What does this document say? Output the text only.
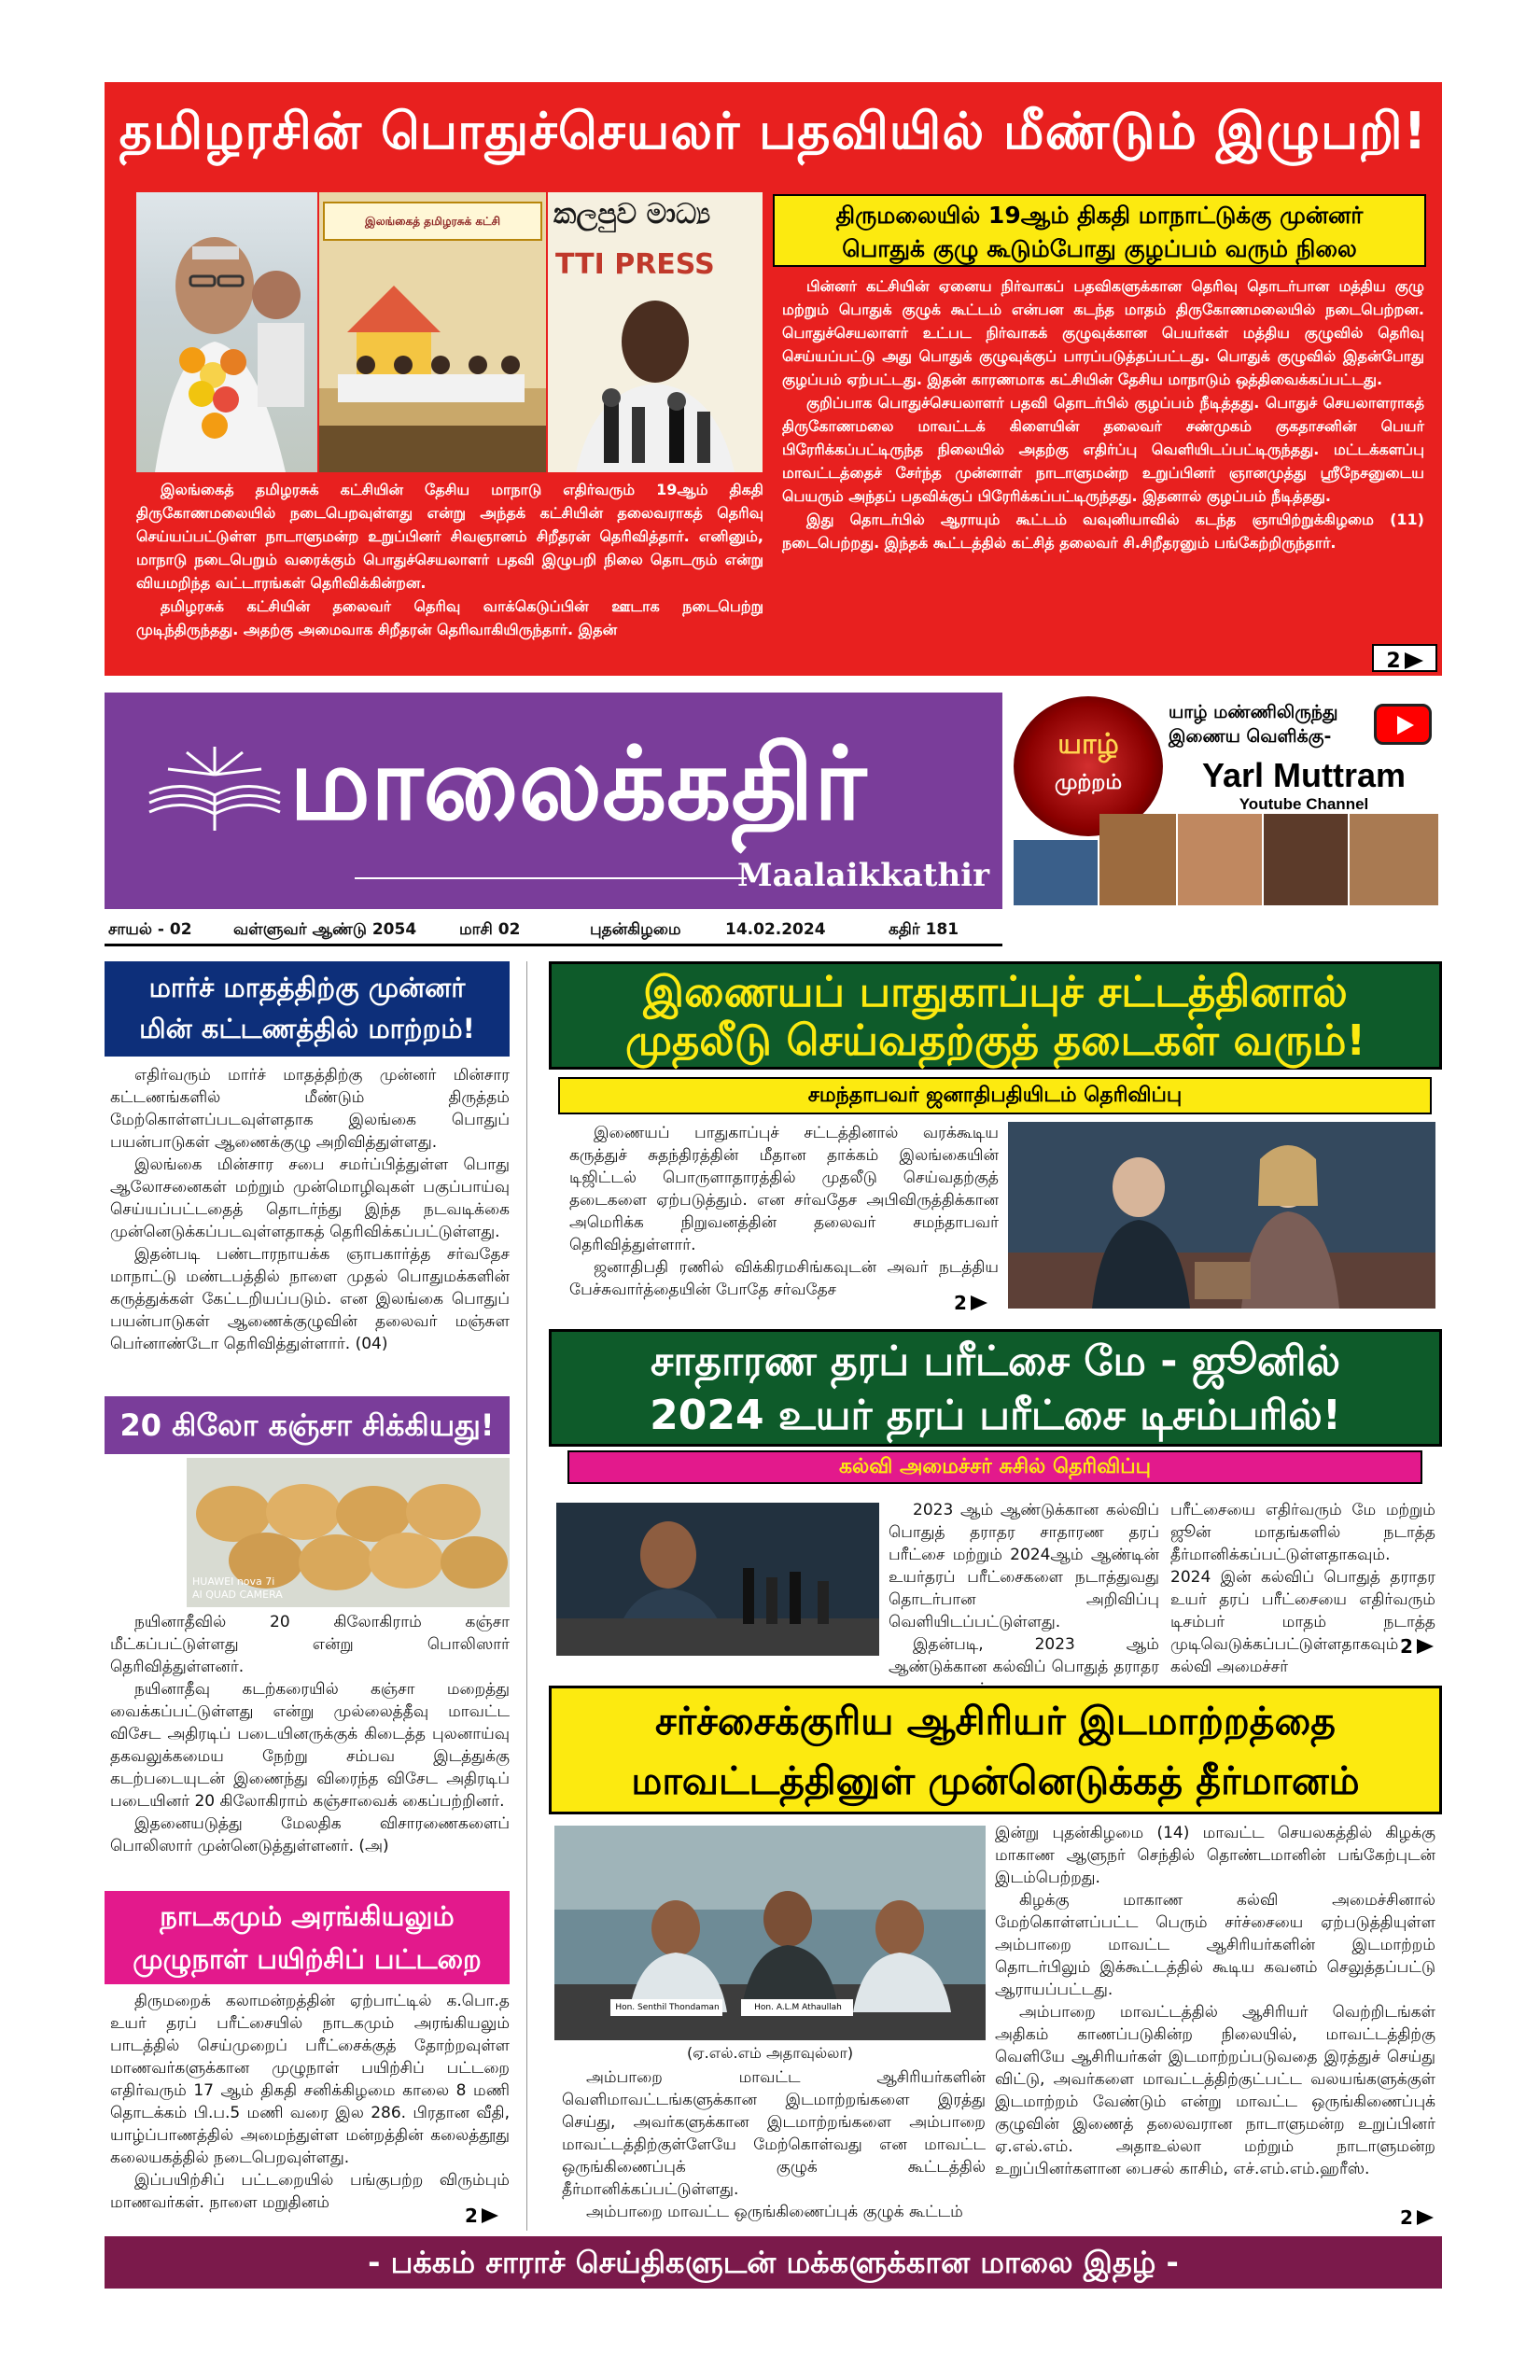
தமிழரசின் பொதுச்செயலர் பதவியில் மீண்டும் இழுபறி!
இலங்கைத் தமிழரசுக் கட்சி	කලපුව මාධ්‍ය
TTI PRESS
திருமலையில் 19ஆம் திகதி மாநாட்டுக்கு முன்னர்
பொதுக் குழு கூடும்போது குழப்பம் வரும் நிலை

இலங்கைத் தமிழரசுக் கட்சியின் தேசிய மாநாடு எதிர்வரும் 19ஆம் திகதி திருகோணமலையில் நடைபெறவுள்ளது என்று அந்தக் கட்சியின் தலைவராகத் தெரிவு செய்யப்பட்டுள்ள நாடாளுமன்ற உறுப்பினர் சிவஞானம் சிறீதரன் தெரிவித்தார். எனினும், மாநாடு நடைபெறும் வரைக்கும் பொதுச்செயலாளர் பதவி இழுபறி நிலை தொடரும் என்று வியமறிந்த வட்டாரங்கள் தெரிவிக்கின்றன.

தமிழரசுக் கட்சியின் தலைவர் தெரிவு வாக்கெடுப்பின் ஊடாக நடைபெற்று முடிந்திருந்தது. அதற்கு அமைவாக சிறீதரன் தெரிவாகியிருந்தார். இதன்

பின்னர் கட்சியின் ஏனைய நிர்வாகப் பதவிகளுக்கான தெரிவு தொடர்பான மத்திய குழு மற்றும் பொதுக் குழுக் கூட்டம் என்பன கடந்த மாதம் திருகோணமலையில் நடைபெற்றன. பொதுச்செயலாளர் உட்பட நிர்வாகக் குழுவுக்கான பெயர்கள் மத்திய குழுவில் தெரிவு செய்யப்பட்டு அது பொதுக் குழுவுக்குப் பாரப்படுத்தப்பட்டது. பொதுக் குழுவில் இதன்போது குழப்பம் ஏற்பட்டது. இதன் காரணமாக கட்சியின் தேசிய மாநாடும் ஒத்திவைக்கப்பட்டது.

குறிப்பாக பொதுச்செயலாளர் பதவி தொடர்பில் குழப்பம் நீடித்தது. பொதுச் செயலாளராகத் திருகோணமலை மாவட்டக் கிளையின் தலைவர் சண்முகம் குகதாசனின் பெயர் பிரேரிக்கப்பட்டிருந்த நிலையில் அதற்கு எதிர்ப்பு வெளியிடப்பட்டிருந்தது. மட்டக்களப்பு மாவட்டத்தைச் சேர்ந்த முன்னாள் நாடாளுமன்ற உறுப்பினர் ஞானமுத்து ஸ்ரீநேசனுடைய பெயரும் அந்தப் பதவிக்குப் பிரேரிக்கப்பட்டிருந்தது. இதனால் குழப்பம் நீடித்தது.

இது தொடர்பில் ஆராயும் கூட்டம் வவுனியாவில் கடந்த ஞாயிற்றுக்கிழமை (11) நடைபெற்றது. இந்தக் கூட்டத்தில் கட்சித் தலைவர் சி.சிறீதரனும் பங்கேற்றிருந்தார்.

2
மாலைக்கதிர்
Maalaikkathir
யாழ்
முற்றம்
யாழ் மண்ணிலிருந்து
இணைய வெளிக்கு-
Yarl Muttram
Youtube Channel
சாயல் - 02	வள்ளுவர் ஆண்டு 2054	மாசி 02	புதன்கிழமை	14.02.2024	கதிர் 181
மார்ச் மாதத்திற்கு முன்னர்
மின் கட்டணத்தில் மாற்றம்!

எதிர்வரும் மார்ச் மாதத்திற்கு முன்னர் மின்சார கட்டணங்களில் மீண்டும் திருத்தம் மேற்கொள்ளப்படவுள்ளதாக இலங்கை பொதுப் பயன்பாடுகள் ஆணைக்குழு அறிவித்துள்ளது.

இலங்கை மின்சார சபை சமர்ப்பித்துள்ள பொது ஆலோசனைகள் மற்றும் முன்மொழிவுகள் பகுப்பாய்வு செய்யப்பட்டதைத் தொடர்ந்து இந்த நடவடிக்கை முன்னெடுக்கப்படவுள்ளதாகத் தெரிவிக்கப்பட்டுள்ளது.

இதன்படி பண்டாரநாயக்க ஞாபகார்த்த சர்வதேச மாநாட்டு மண்டபத்தில் நாளை முதல் பொதுமக்களின் கருத்துக்கள் கேட்டறியப்படும். என இலங்கை பொதுப் பயன்பாடுகள் ஆணைக்குழுவின் தலைவர் மஞ்சுள பெர்னாண்டோ தெரிவித்துள்ளார். (04)

20 கிலோ கஞ்சா சிக்கியது!
HUAWEI nova 7i
AI QUAD CAMERA

நயினாதீவில் 20 கிலோகிராம் கஞ்சா மீட்கப்பட்டுள்ளது என்று பொலிஸார் தெரிவித்துள்ளனர்.

நயினாதீவு கடற்கரையில் கஞ்சா மறைத்து வைக்கப்பட்டுள்ளது என்று முல்லைத்தீவு மாவட்ட விசேட அதிரடிப் படையினருக்குக் கிடைத்த புலனாய்வு தகவலுக்கமைய நேற்று சம்பவ இடத்துக்கு கடற்படையுடன் இணைந்து விரைந்த விசேட அதிரடிப் படையினர் 20 கிலோகிராம் கஞ்சாவைக் கைப்பற்றினர்.

இதனையடுத்து மேலதிக விசாரணைகளைப் பொலிஸார் முன்னெடுத்துள்ளனர். (அ)

நாடகமும் அரங்கியலும்
முழுநாள் பயிற்சிப் பட்டறை

திருமறைக் கலாமன்றத்தின் ஏற்பாட்டில் க.பொ.த உயர் தரப் பரீட்சையில் நாடகமும் அரங்கியலும் பாடத்தில் செய்முறைப் பரீட்சைக்குத் தோற்றவுள்ள மாணவர்களுக்கான முழுநாள் பயிற்சிப் பட்டறை எதிர்வரும் 17 ஆம் திகதி சனிக்கிழமை காலை 8 மணி தொடக்கம் பி.ப.5 மணி வரை இல 286. பிரதான வீதி, யாழ்ப்பாணத்தில் அமைந்துள்ள மன்றத்தின் கலைத்தூது கலையகத்தில் நடைபெறவுள்ளது.

இப்பயிற்சிப் பட்டறையில் பங்குபற்ற விரும்பும் மாணவர்கள். நாளை மறுதினம்

2
இணையப் பாதுகாப்புச் சட்டத்தினால்
முதலீடு செய்வதற்குத் தடைகள் வரும்!
சமந்தாபவர் ஜனாதிபதியிடம் தெரிவிப்பு

இணையப் பாதுகாப்புச் சட்டத்தினால் வரக்கூடிய கருத்துச் சுதந்திரத்தின் மீதான தாக்கம் இலங்கையின் டிஜிட்டல் பொருளாதாரத்தில் முதலீடு செய்வதற்குத் தடைகளை ஏற்படுத்தும். என சர்வதேச அபிவிருத்திக்கான அமெரிக்க நிறுவனத்தின் தலைவர் சமந்தாபவர் தெரிவித்துள்ளார்.

ஜனாதிபதி ரணில் விக்கிரமசிங்கவுடன் அவர் நடத்திய பேச்சுவார்த்தையின் போதே சர்வதேச

2
சாதாரண தரப் பரீட்சை மே - ஜூனில்
2024 உயர் தரப் பரீட்சை டிசம்பரில்!
கல்வி அமைச்சர் சுசில் தெரிவிப்பு

2023 ஆம் ஆண்டுக்கான கல்விப் பொதுத் தராதர சாதாரண தரப் பரீட்சை மற்றும் 2024ஆம் ஆண்டின் உயர்தரப் பரீட்சைகளை நடாத்துவது தொடர்பான அறிவிப்பு வெளியிடப்பட்டுள்ளது.

இதன்படி, 2023 ஆம் ஆண்டுக்கான கல்விப் பொதுத் தராதர

பரீட்சையை எதிர்வரும் மே மற்றும் ஜூன் மாதங்களில் நடாத்த தீர்மானிக்கப்பட்டுள்ளதாகவும். 2024 இன் கல்விப் பொதுத் தராதர உயர் தரப் பரீட்சையை எதிர்வரும் டிசம்பர் மாதம் நடாத்த முடிவெடுக்கப்பட்டுள்ளதாகவும் கல்வி அமைச்சர்

2
சர்ச்சைக்குரிய ஆசிரியர் இடமாற்றத்தை
மாவட்டத்தினுள் முன்னெடுக்கத் தீர்மானம்
Hon. Senthil Thondaman	Hon. A.L.M Athaullah
(ஏ.எல்.எம் அதாவுல்லா)

அம்பாறை மாவட்ட ஆசிரியர்களின் வெளிமாவட்டங்களுக்கான இடமாற்றங்களை இரத்து செய்து, அவர்களுக்கான இடமாற்றங்களை அம்பாறை மாவட்டத்திற்குள்ளேயே மேற்கொள்வது என மாவட்ட ஒருங்கிணைப்புக் குழுக் கூட்டத்தில் தீர்மானிக்கப்பட்டுள்ளது.

அம்பாறை மாவட்ட ஒருங்கிணைப்புக் குழுக் கூட்டம்

இன்று புதன்கிழமை (14) மாவட்ட செயலகத்தில் கிழக்கு மாகாண ஆளுநர் செந்தில் தொண்டமானின் பங்கேற்புடன் இடம்பெற்றது.

கிழக்கு மாகாண கல்வி அமைச்சினால் மேற்கொள்ளப்பட்ட பெரும் சர்ச்சையை ஏற்படுத்தியுள்ள அம்பாறை மாவட்ட ஆசிரியர்களின் இடமாற்றம் தொடர்பிலும் இக்கூட்டத்தில் கூடிய கவனம் செலுத்தப்பட்டு ஆராயப்பட்டது.

அம்பாறை மாவட்டத்தில் ஆசிரியர் வெற்றிடங்கள் அதிகம் காணப்படுகின்ற நிலையில், மாவட்டத்திற்கு வெளியே ஆசிரியர்கள் இடமாற்றப்படுவதை இரத்துச் செய்து விட்டு, அவர்களை மாவட்டத்திற்குட்பட்ட வலயங்களுக்குள் இடமாற்றம் வேண்டும் என்று மாவட்ட ஒருங்கிணைப்புக் குழுவின் இணைத் தலைவரான நாடாளுமன்ற உறுப்பினர் ஏ.எல்.எம். அதாஉல்லா மற்றும் நாடாளுமன்ற உறுப்பினர்களான பைசல் காசிம், எச்.எம்.எம்.ஹரீஸ்.

2
- பக்கம் சாராச் செய்திகளுடன் மக்களுக்கான மாலை இதழ் -
